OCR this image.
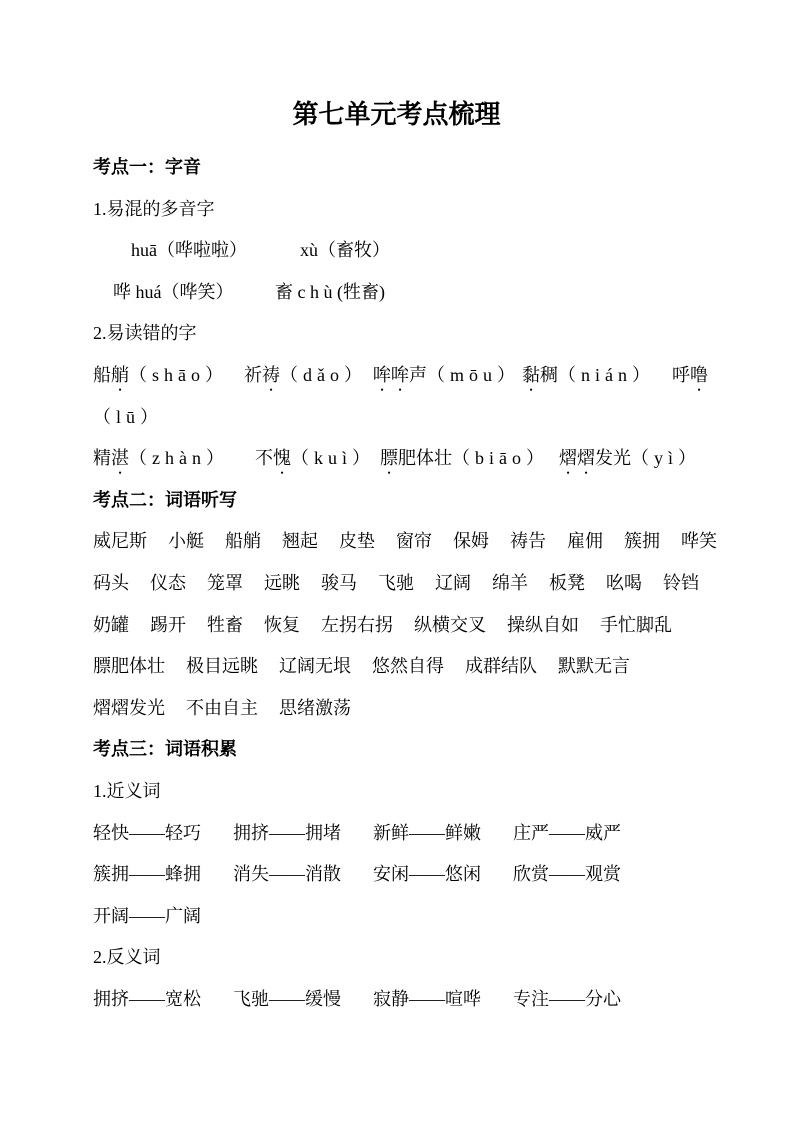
第七单元考点梳理
考点一：字音
1.易混的多音字
huā（哗啦啦）	xù（畜牧）
哗 huá（哗笑） 畜 c h ù (牲畜)
2.易读错的字
船艄（shāo） 祈祷（dǎo） 哞哞声（mōu） 黏稠（nián） 呼噜
（lū）
精湛（zhàn） 不愧（kuì） 膘肥体壮（biāo） 熠熠发光（yì）
考点二：词语听写
威尼斯 小艇 船艄 翘起 皮垫 窗帘 保姆 祷告 雇佣 簇拥 哗笑
码头 仪态 笼罩 远眺 骏马 飞驰 辽阔 绵羊 板凳 吆喝 铃铛
奶罐 踢开 牲畜 恢复 左拐右拐 纵横交叉 操纵自如 手忙脚乱
膘肥体壮 极目远眺 辽阔无垠 悠然自得 成群结队 默默无言
熠熠发光 不由自主 思绪激荡
考点三：词语积累
1.近义词
轻快——轻巧 拥挤——拥堵 新鲜——鲜嫩 庄严——威严
簇拥——蜂拥 消失——消散 安闲——悠闲 欣赏——观赏
开阔——广阔
2.反义词
拥挤——宽松 飞驰——缓慢 寂静——喧哗 专注——分心
